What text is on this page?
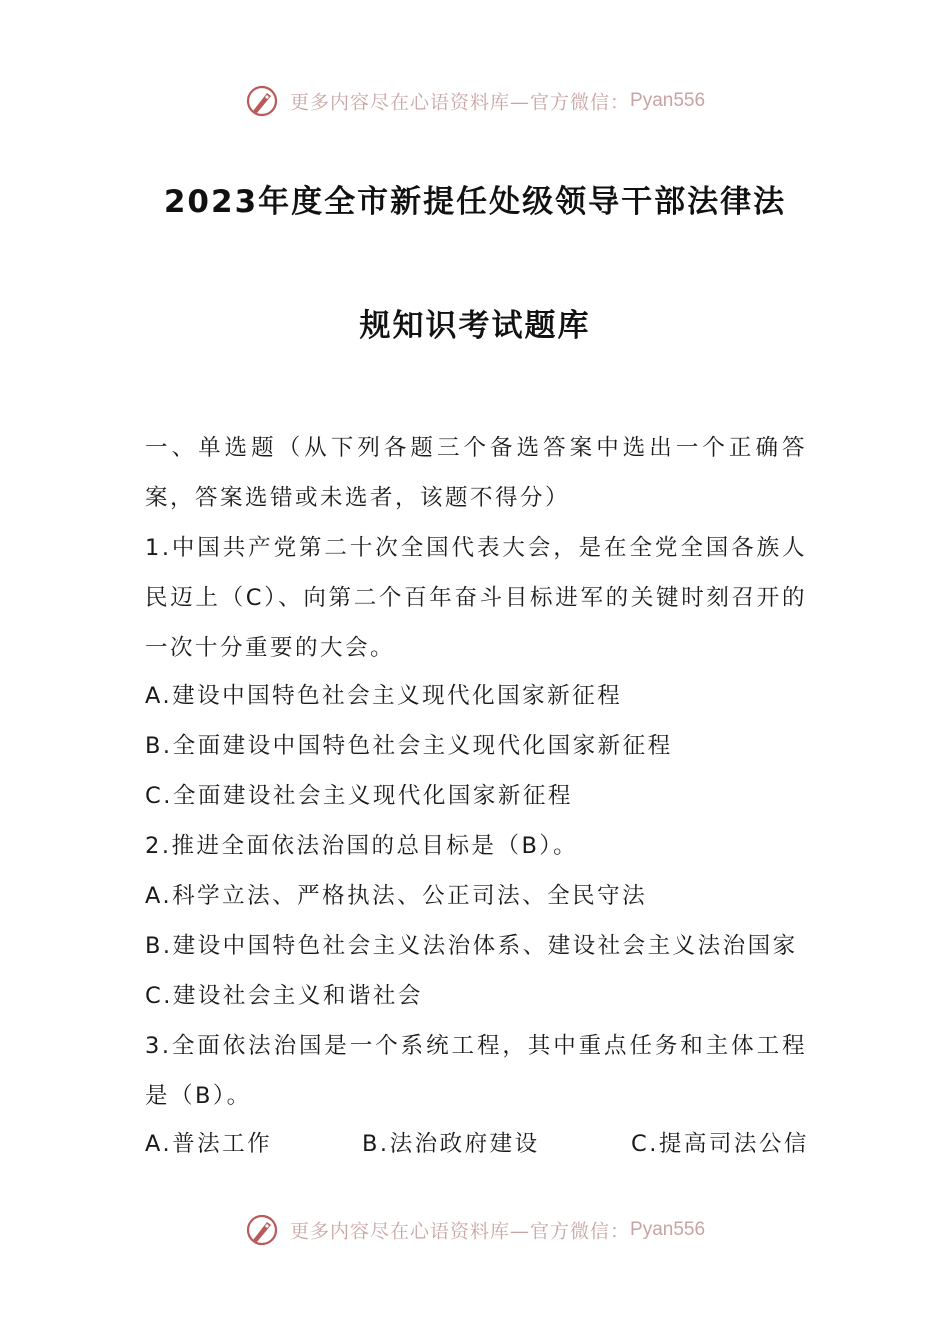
更多内容尽在心语资料库—官方微信：Pyan556
2023年度全市新提任处级领导干部法律法
规知识考试题库

一、单选题（从下列各题三个备选答案中选出一个正确答案，答案选错或未选者，该题不得分）

1.中国共产党第二十次全国代表大会，是在全党全国各族人民迈上（C）、向第二个百年奋斗目标进军的关键时刻召开的一次十分重要的大会。

A.建设中国特色社会主义现代化国家新征程
B.全面建设中国特色社会主义现代化国家新征程
C.全面建设社会主义现代化国家新征程
2.推进全面依法治国的总目标是（B）。
A.科学立法、严格执法、公正司法、全民守法
B.建设中国特色社会主义法治体系、建设社会主义法治国家
C.建设社会主义和谐社会

3.全面依法治国是一个系统工程，其中重点任务和主体工程是（B）。

A.普法工作	B.法治政府建设	C.提高司法公信
更多内容尽在心语资料库—官方微信：Pyan556
